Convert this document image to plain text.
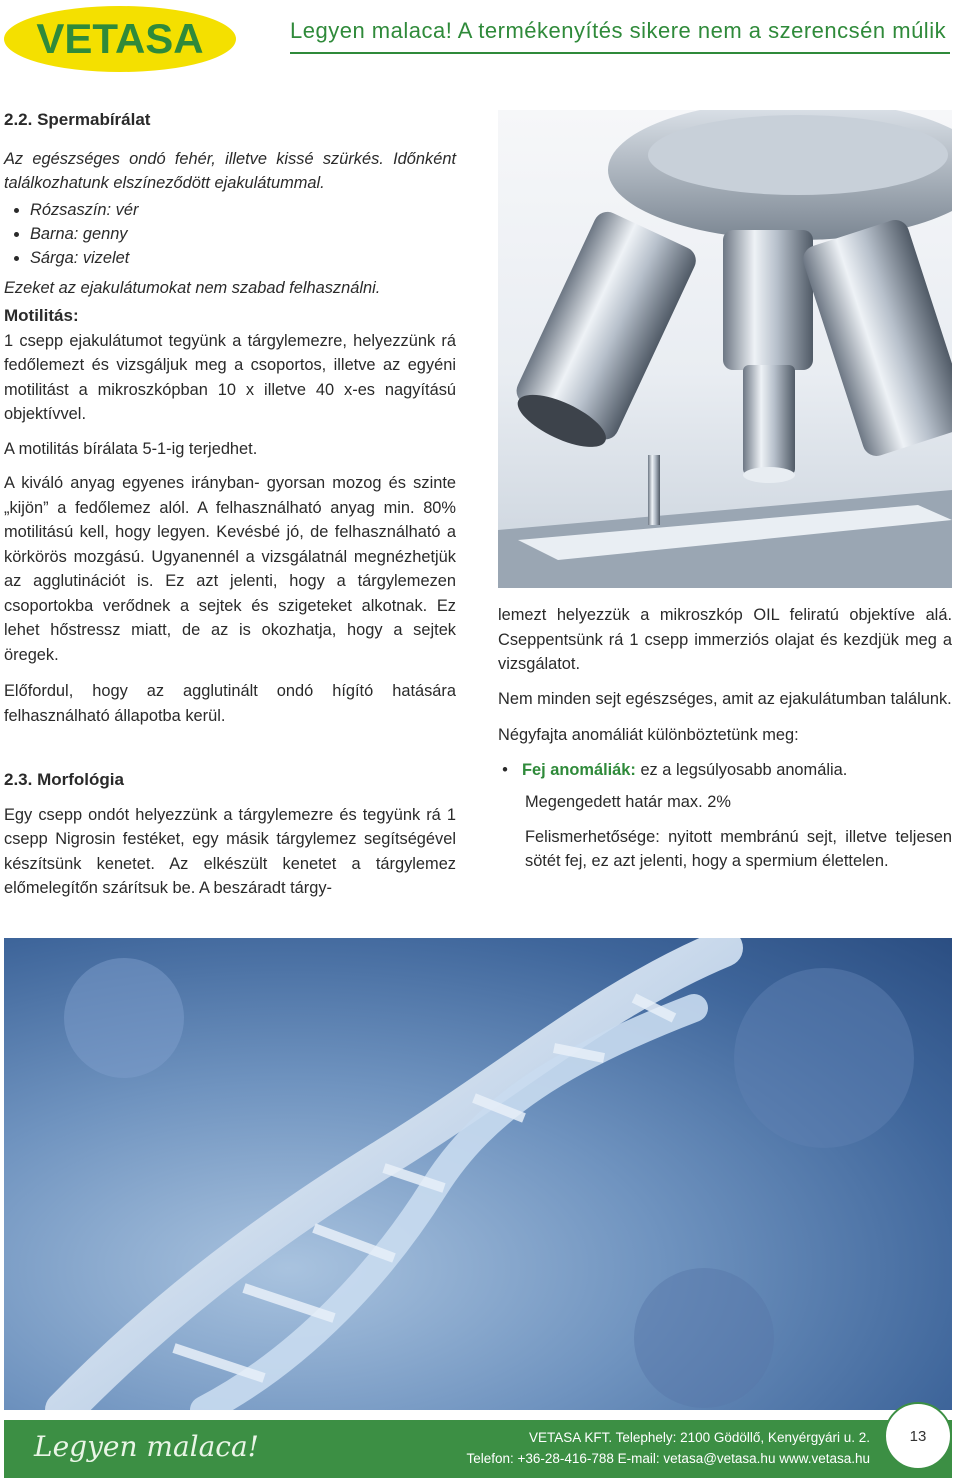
VETASA	Legyen malaca! A termékenyítés sikere nem a szerencsén múlik

2.2. Spermabírálat

Az egészséges ondó fehér, illetve kissé szürkés. Időnként találkozhatunk elszíneződött ejakulátummal.

• Rózsaszín: vér
• Barna: genny
• Sárga: vizelet

Ezeket az ejakulátumokat nem szabad felhasználni.

Motilitás:

1 csepp ejakulátumot tegyünk a tárgylemezre, helyezzünk rá fedőlemezt és vizsgáljuk meg a csoportos, illetve az egyéni motilitást a mikroszkópban 10 x illetve 40 x-es nagyítású objektívvel.

A motilitás bírálata 5-1-ig terjedhet.

A kiváló anyag egyenes irányban- gyorsan mozog és szinte „kijön” a fedőlemez alól. A felhasználható anyag min. 80% motilitású kell, hogy legyen. Kevésbé jó, de felhasználható a körkörös mozgású. Ugyanennél a vizsgálatnál megnézhetjük az agglutinációt is. Ez azt jelenti, hogy a tárgylemezen csoportokba verődnek a sejtek és szigeteket alkotnak. Ez lehet hőstressz miatt, de az is okozhatja, hogy a sejtek öregek.

Előfordul, hogy az agglutinált ondó hígító hatására felhasználható állapotba kerül.

2.3. Morfológia

Egy csepp ondót helyezzünk a tárgylemezre és tegyünk rá 1 csepp Nigrosin festéket, egy másik tárgylemez segítségével készítsünk kenetet. Az elkészült kenetet a tárgylemez előmelegítőn szárítsuk be. A beszáradt tárgy-

lemezt helyezzük a mikroszkóp OIL feliratú objektíve alá. Cseppentsünk rá 1 csepp immerziós olajat és kezdjük meg a vizsgálatot.

Nem minden sejt egészséges, amit az ejakulátumban találunk.

Négyfajta anomáliát különböztetünk meg:

• Fej anomáliák: ez a legsúlyosabb anomália.

Megengedett határ max. 2%

Felismerhetősége: nyitott membránú sejt, illetve teljesen sötét fej, ez azt jelenti, hogy a spermium élettelen.

Legyen malaca!	VETASA KFT. Telephely: 2100 Gödöllő, Kenyérgyári u. 2.
Telefon: +36-28-416-788 E-mail: vetasa@vetasa.hu www.vetasa.hu
13
